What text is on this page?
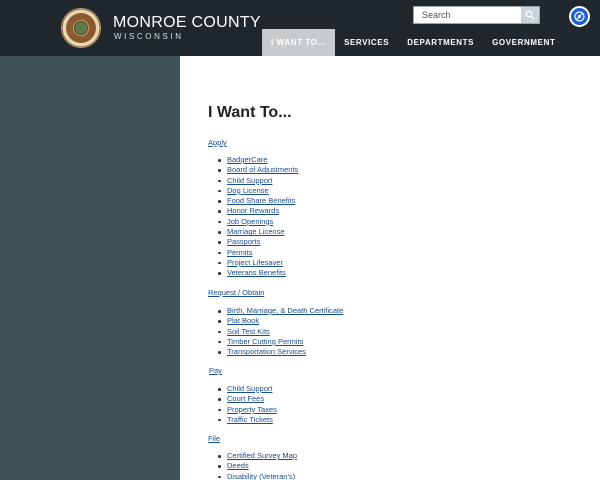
MONROE COUNTY
WISCONSIN
Search
I WANT TO...	SERVICES	DEPARTMENTS	GOVERNMENT
I Want To...
Apply
BadgerCare
Board of Adjustments
Child Support
Dog License
Food Share Benefits
Honor Rewards
Job Openings
Marriage License
Passports
Permits
Project Lifesaver
Veterans Benefits
Request / Obtain
Birth, Marriage, & Death Certificate
Plat Book
Soil Test Kits
Timber Cutting Permits
Transportation Services
Pay
Child Support
Court Fees
Property Taxes
Traffic Tickets
File
Certified Survey Map
Deeds
Disability (Veteran's)
